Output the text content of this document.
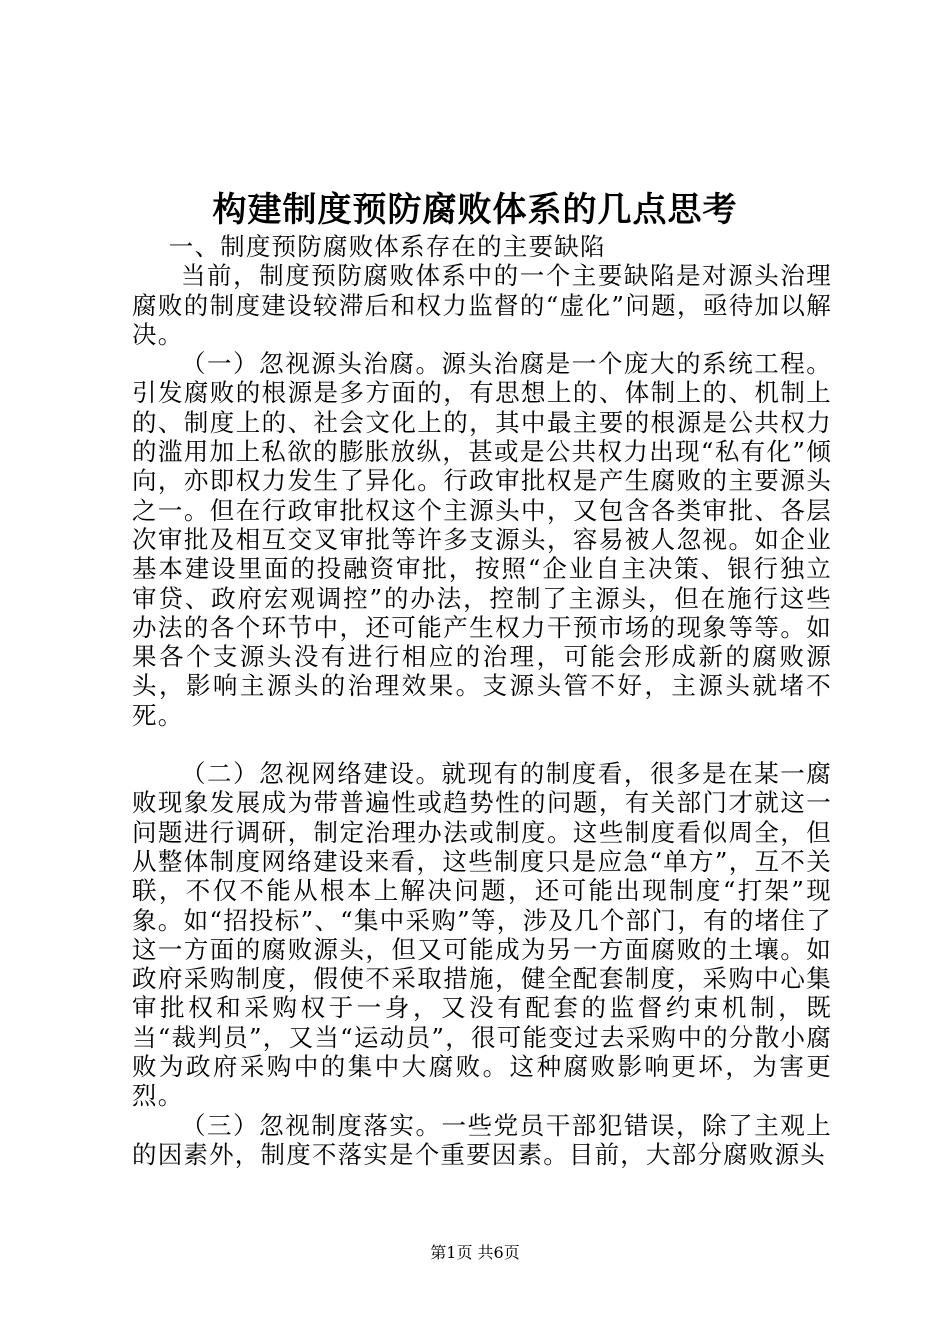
构建制度预防腐败体系的几点思考

一、制度预防腐败体系存在的主要缺陷

当前，制度预防腐败体系中的一个主要缺陷是对源头治理腐败的制度建设较滞后和权力监督的“虚化”问题，亟待加以解决。

（一）忽视源头治腐。源头治腐是一个庞大的系统工程。引发腐败的根源是多方面的，有思想上的、体制上的、机制上的、制度上的、社会文化上的，其中最主要的根源是公共权力的滥用加上私欲的膨胀放纵，甚或是公共权力出现“私有化”倾向，亦即权力发生了异化。行政审批权是产生腐败的主要源头之一。但在行政审批权这个主源头中，又包含各类审批、各层次审批及相互交叉审批等许多支源头，容易被人忽视。如企业基本建设里面的投融资审批，按照“企业自主决策、银行独立审贷、政府宏观调控”的办法，控制了主源头，但在施行这些办法的各个环节中，还可能产生权力干预市场的现象等等。如果各个支源头没有进行相应的治理，可能会形成新的腐败源头，影响主源头的治理效果。支源头管不好，主源头就堵不死。

（二）忽视网络建设。就现有的制度看，很多是在某一腐败现象发展成为带普遍性或趋势性的问题，有关部门才就这一问题进行调研，制定治理办法或制度。这些制度看似周全，但从整体制度网络建设来看，这些制度只是应急“单方”，互不关联，不仅不能从根本上解决问题，还可能出现制度“打架”现象。如“招投标”、“集中采购”等，涉及几个部门，有的堵住了这一方面的腐败源头，但又可能成为另一方面腐败的土壤。如政府采购制度，假使不采取措施，健全配套制度，采购中心集审批权和采购权于一身，又没有配套的监督约束机制，既当“裁判员”，又当“运动员”，很可能变过去采购中的分散小腐败为政府采购中的集中大腐败。这种腐败影响更坏，为害更烈。

（三）忽视制度落实。一些党员干部犯错误，除了主观上的因素外，制度不落实是个重要因素。目前，大部分腐败源头

第1页 共6页
